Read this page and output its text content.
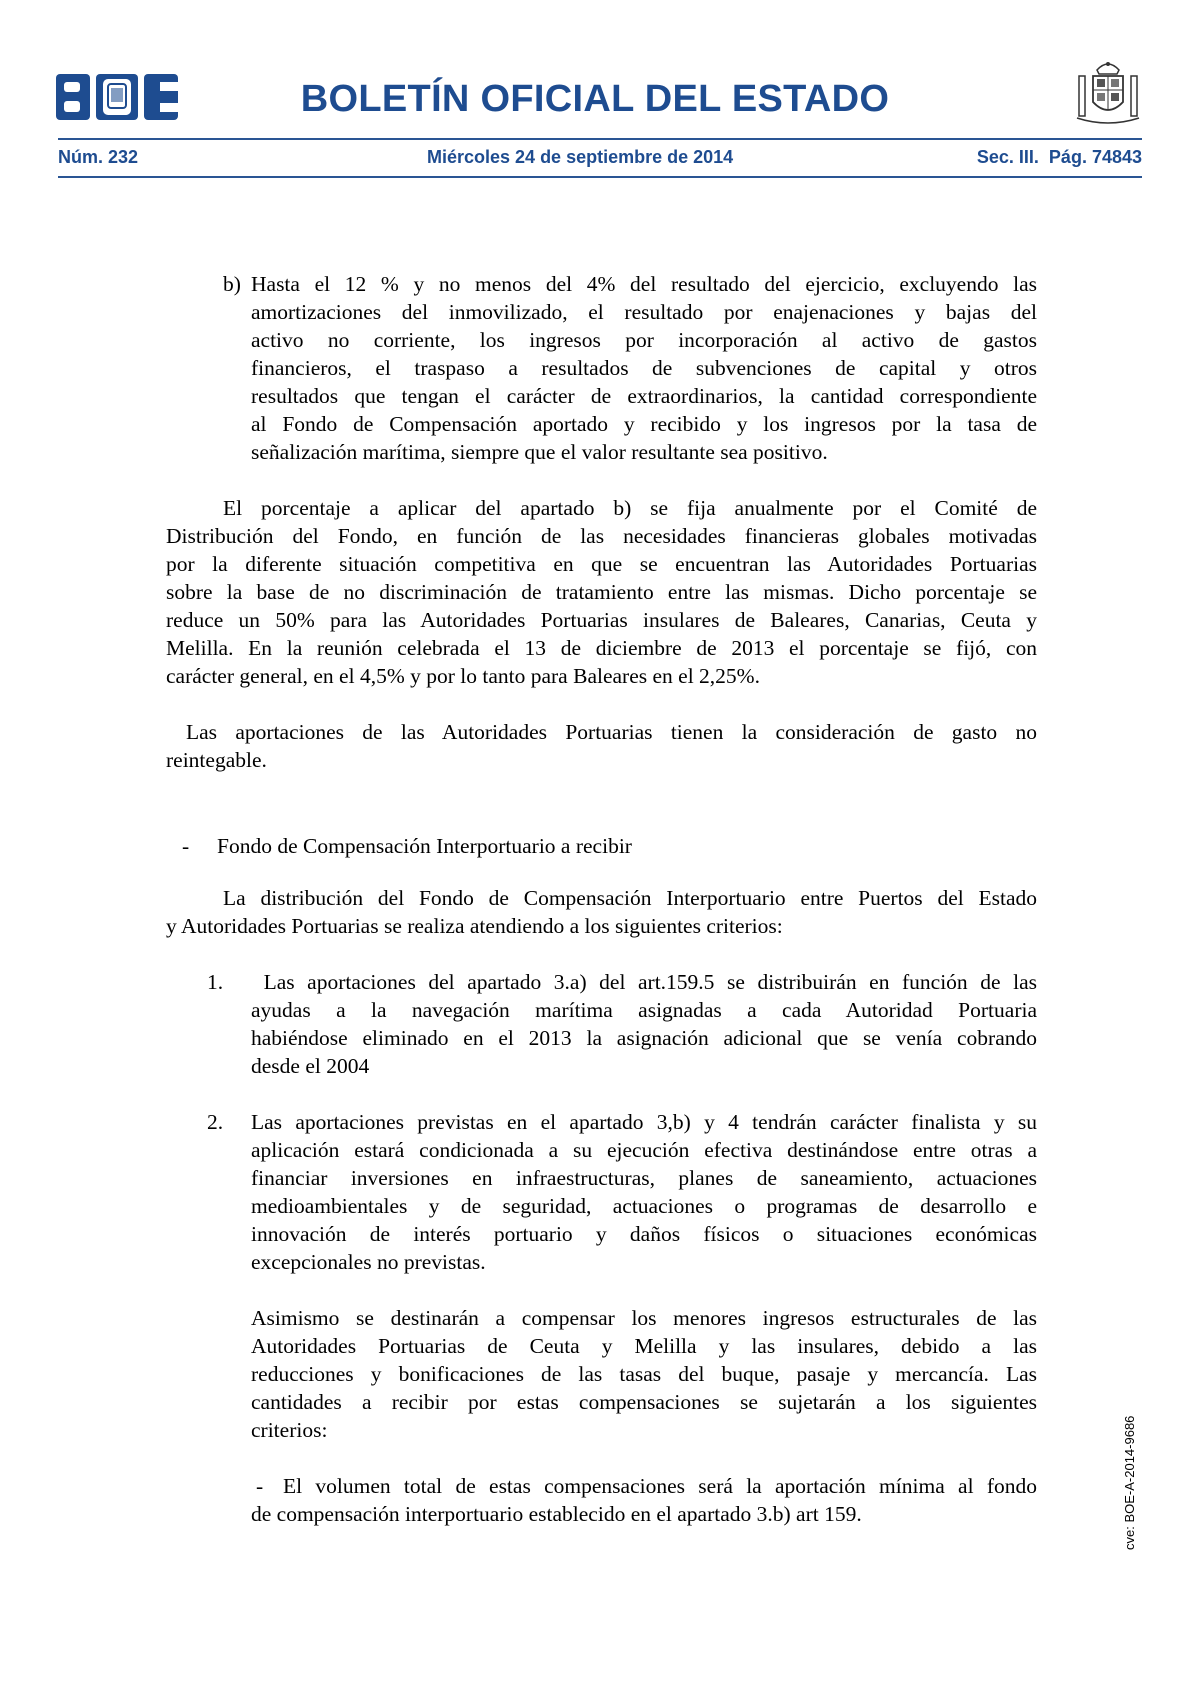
BOLETÍN OFICIAL DEL ESTADO
Núm. 232	Miércoles 24 de septiembre de 2014	Sec. III.  Pág. 74843
b) Hasta el 12 % y no menos del 4% del resultado del ejercicio, excluyendo las
amortizaciones del inmovilizado, el resultado por enajenaciones y bajas del
activo no corriente, los ingresos por incorporación al activo de gastos
financieros, el traspaso a resultados de subvenciones de capital y otros
resultados que tengan el carácter de extraordinarios, la cantidad correspondiente
al Fondo de Compensación aportado y recibido y los ingresos por la tasa de
señalización marítima, siempre que el valor resultante sea positivo.
El porcentaje a aplicar del apartado b) se fija anualmente por el Comité de
Distribución del Fondo, en función de las necesidades financieras globales motivadas
por la diferente situación competitiva en que se encuentran las Autoridades Portuarias
sobre la base de no discriminación de tratamiento entre las mismas. Dicho porcentaje se
reduce un 50% para las Autoridades Portuarias insulares de Baleares, Canarias, Ceuta y
Melilla. En la reunión celebrada el 13 de diciembre de 2013 el porcentaje se fijó, con
carácter general, en el 4,5% y por lo tanto para Baleares en el 2,25%.
Las aportaciones de las Autoridades Portuarias tienen la consideración de gasto no
reintegable.
- Fondo de Compensación Interportuario a recibir
La distribución del Fondo de Compensación Interportuario entre Puertos del Estado
y Autoridades Portuarias se realiza atendiendo a los siguientes criterios:
1. Las aportaciones del apartado 3.a) del art.159.5 se distribuirán en función de las
ayudas a la navegación marítima asignadas a cada Autoridad Portuaria
habiéndose eliminado en el 2013 la asignación adicional que se venía cobrando
desde el 2004
2. Las aportaciones previstas en el apartado 3,b) y 4 tendrán carácter finalista y su
aplicación estará condicionada a su ejecución efectiva destinándose entre otras a
financiar inversiones en infraestructuras, planes de saneamiento, actuaciones
medioambientales y de seguridad, actuaciones o programas de desarrollo e
innovación de interés portuario y daños físicos o situaciones económicas
excepcionales no previstas.
Asimismo se destinarán a compensar los menores ingresos estructurales de las
Autoridades Portuarias de Ceuta y Melilla y las insulares, debido a las
reducciones y bonificaciones de las tasas del buque, pasaje y mercancía. Las
cantidades a recibir por estas compensaciones se sujetarán a los siguientes
criterios:
- El volumen total de estas compensaciones será la aportación mínima al fondo
de compensación interportuario establecido en el apartado 3.b) art 159.	cve: BOE-A-2014-9686
